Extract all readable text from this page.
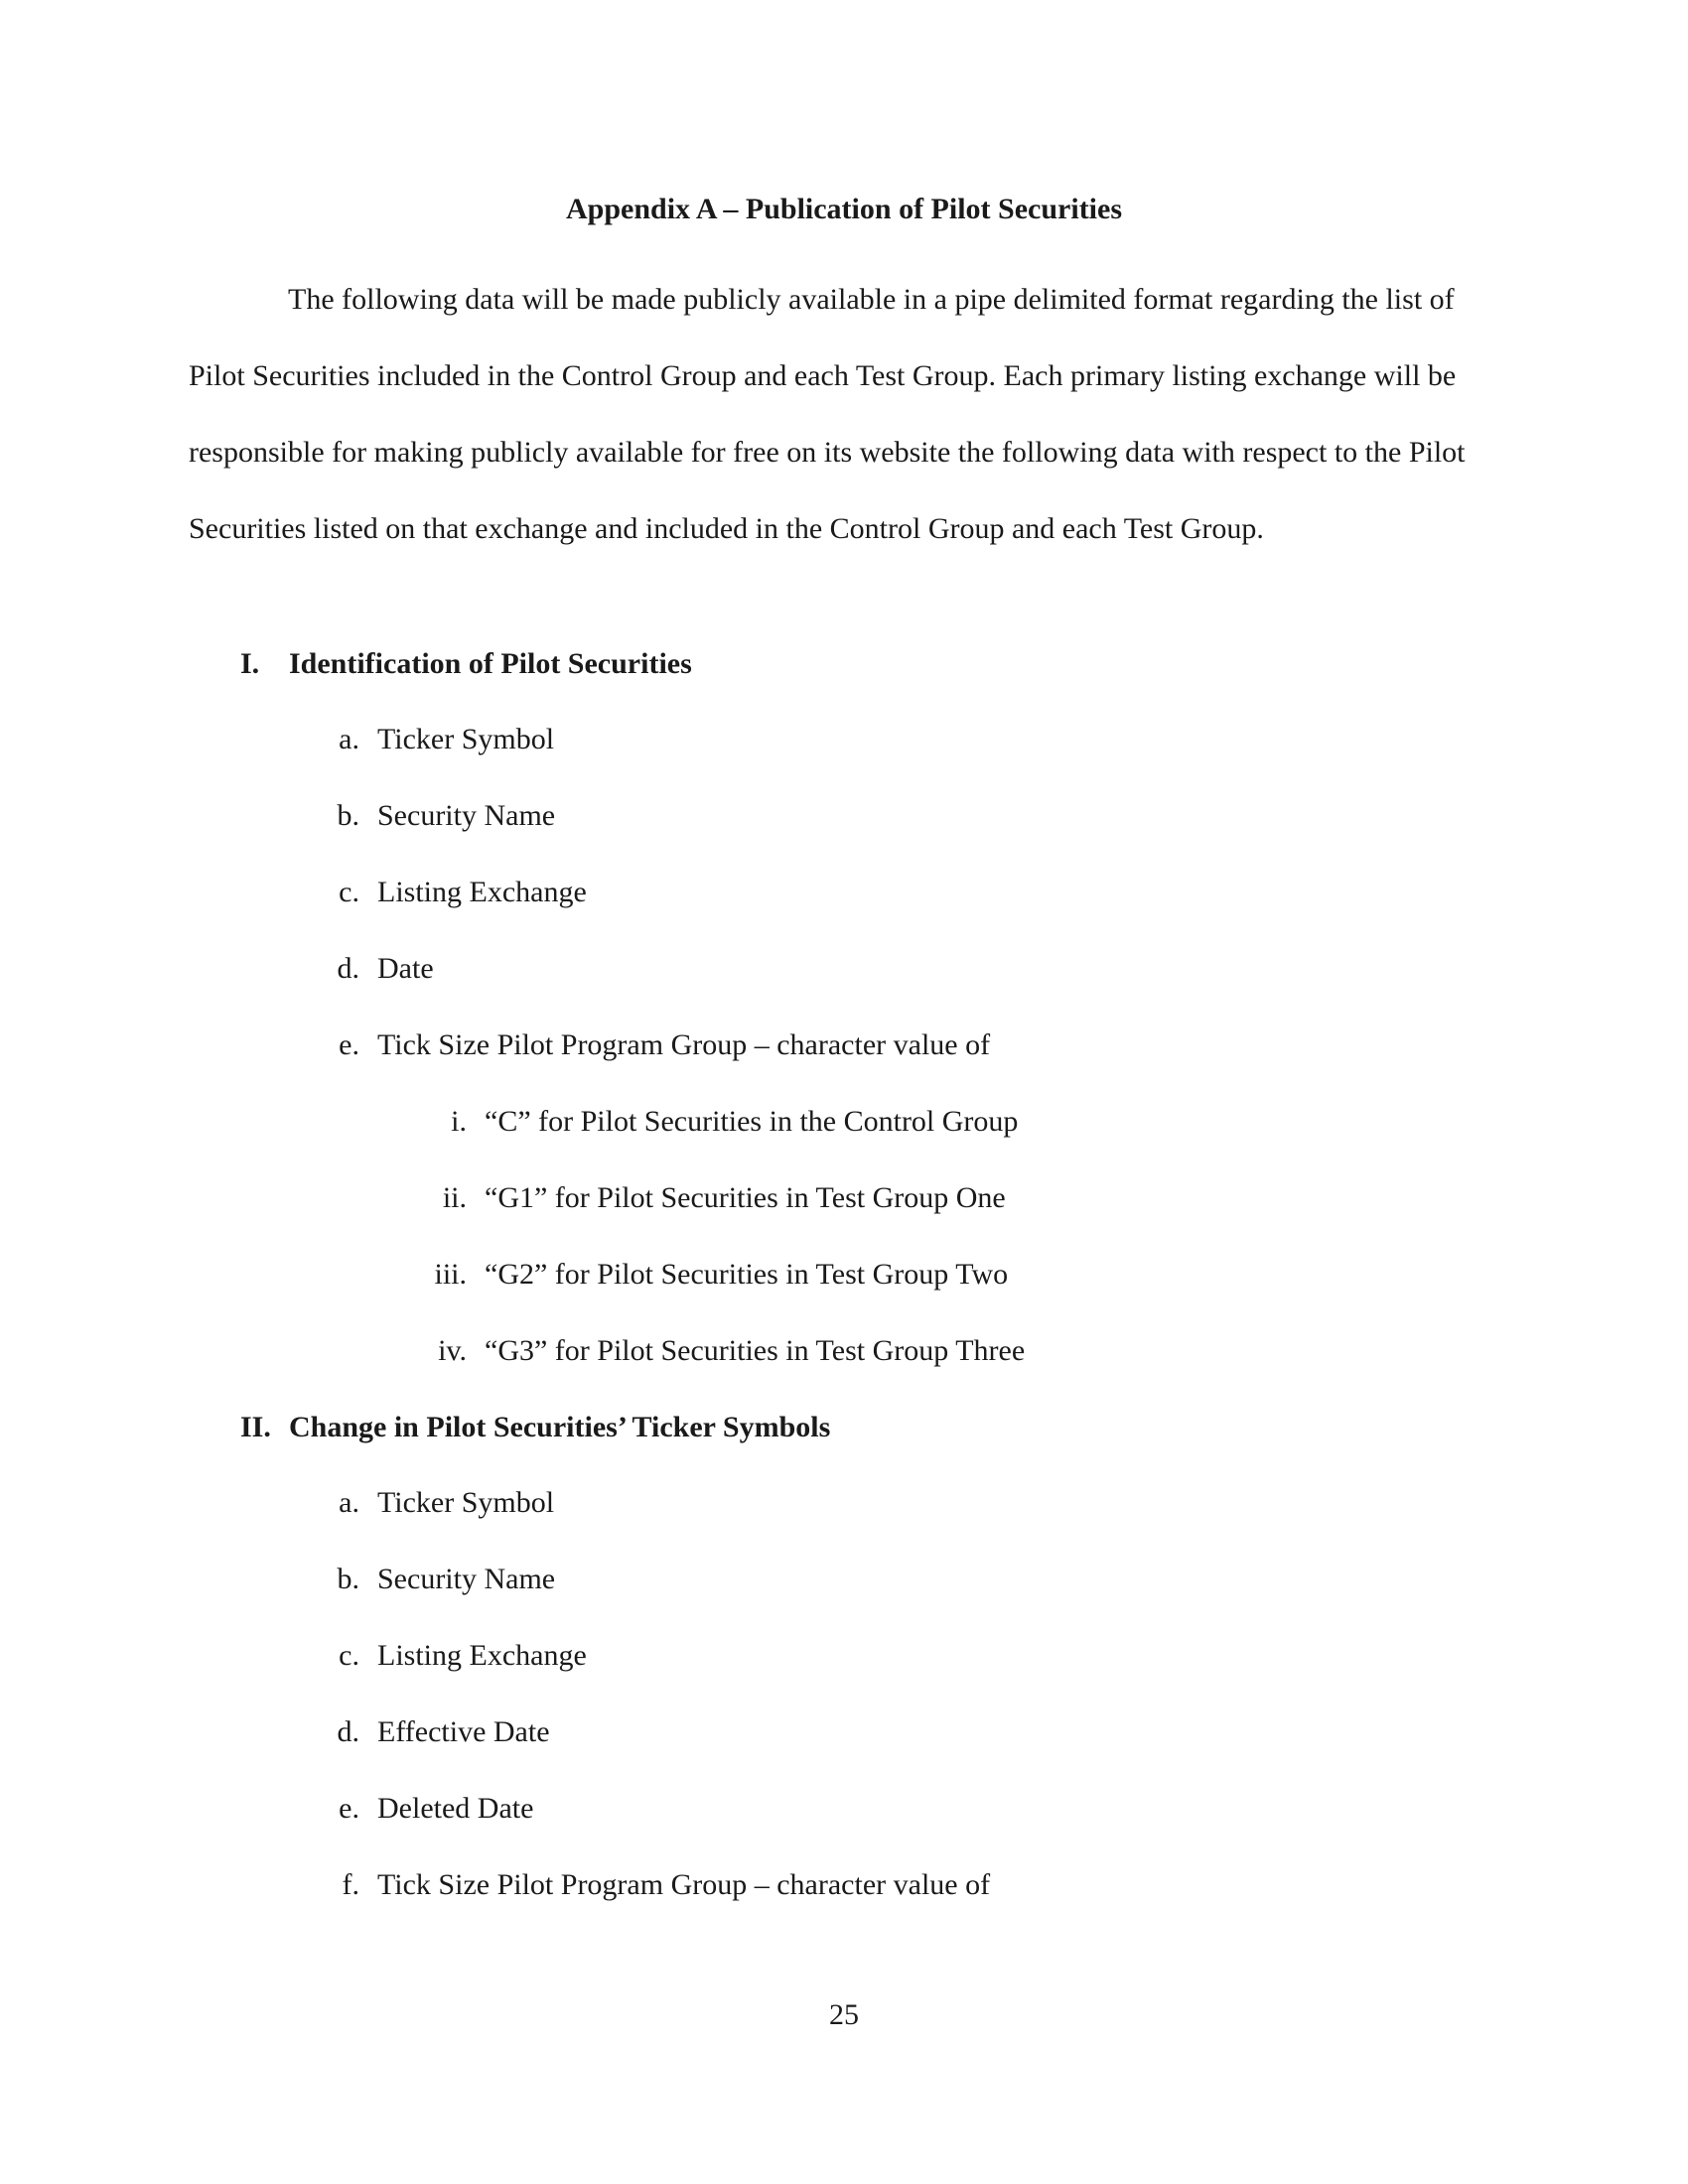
Appendix A – Publication of Pilot Securities

The following data will be made publicly available in a pipe delimited format regarding the list of Pilot Securities included in the Control Group and each Test Group. Each primary listing exchange will be responsible for making publicly available for free on its website the following data with respect to the Pilot Securities listed on that exchange and included in the Control Group and each Test Group.

I. Identification of Pilot Securities
a. Ticker Symbol
b. Security Name
c. Listing Exchange
d. Date
e. Tick Size Pilot Program Group – character value of
i. “C” for Pilot Securities in the Control Group
ii. “G1” for Pilot Securities in Test Group One
iii. “G2” for Pilot Securities in Test Group Two
iv. “G3” for Pilot Securities in Test Group Three
II. Change in Pilot Securities’ Ticker Symbols
a. Ticker Symbol
b. Security Name
c. Listing Exchange
d. Effective Date
e. Deleted Date
f. Tick Size Pilot Program Group – character value of
25
